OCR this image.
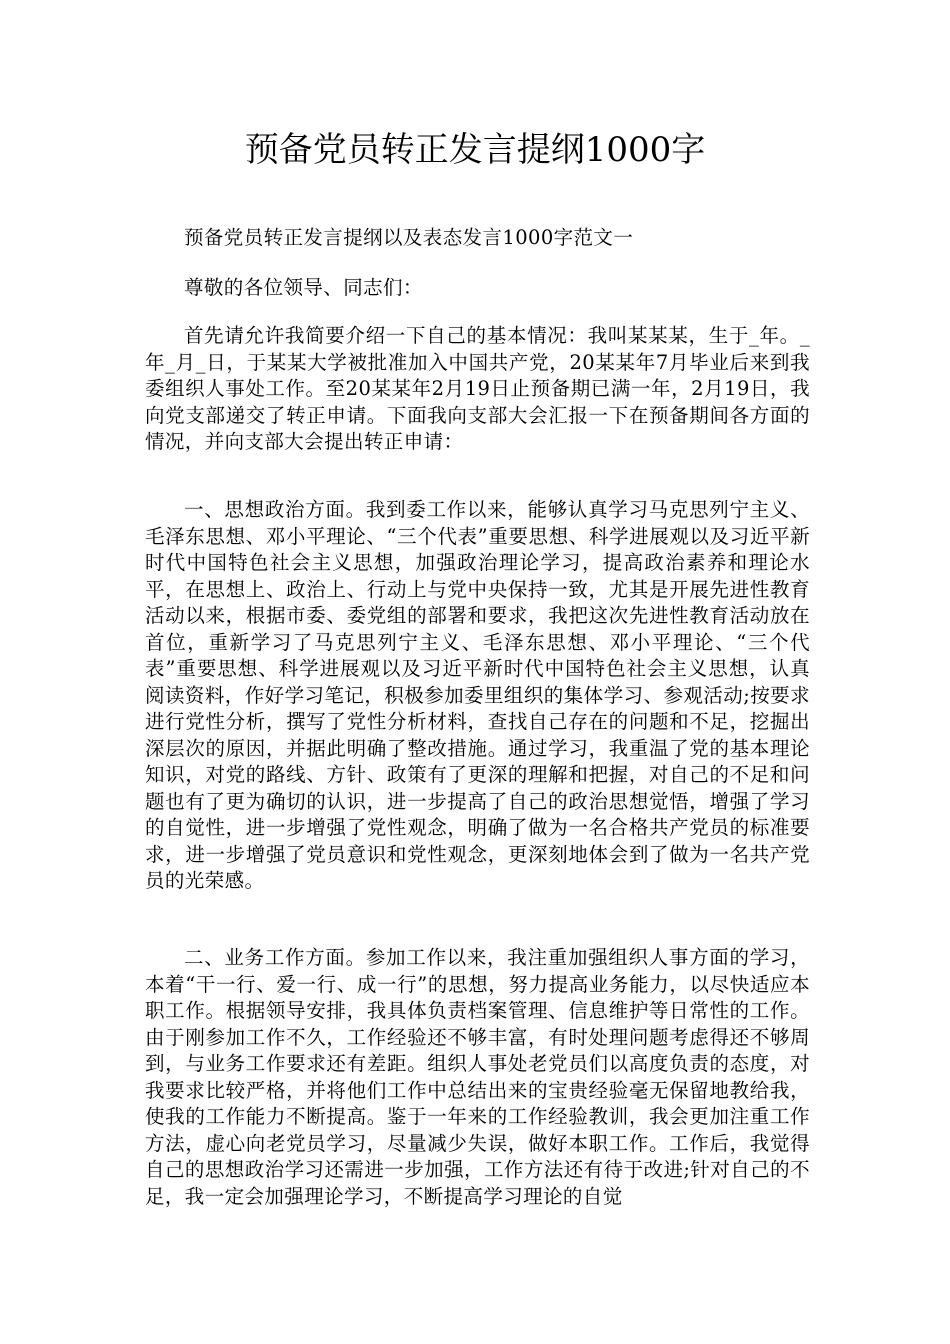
预备党员转正发言提纲1000字

预备党员转正发言提纲以及表态发言1000字范文一

尊敬的各位领导、同志们：

首先请允许我简要介绍一下自己的基本情况：我叫某某某，生于_年。_年_月_日，于某某大学被批准加入中国共产党，20某某年7月毕业后来到我委组织人事处工作。至20某某年2月19日止预备期已满一年，2月19日，我向党支部递交了转正申请。下面我向支部大会汇报一下在预备期间各方面的情况，并向支部大会提出转正申请：

一、思想政治方面。我到委工作以来，能够认真学习马克思列宁主义、毛泽东思想、邓小平理论、“三个代表”重要思想、科学进展观以及习近平新时代中国特色社会主义思想，加强政治理论学习，提高政治素养和理论水平，在思想上、政治上、行动上与党中央保持一致，尤其是开展先进性教育活动以来，根据市委、委党组的部署和要求，我把这次先进性教育活动放在首位，重新学习了马克思列宁主义、毛泽东思想、邓小平理论、“三个代表”重要思想、科学进展观以及习近平新时代中国特色社会主义思想，认真阅读资料，作好学习笔记，积极参加委里组织的集体学习、参观活动;按要求进行党性分析，撰写了党性分析材料，查找自己存在的问题和不足，挖掘出深层次的原因，并据此明确了整改措施。通过学习，我重温了党的基本理论知识，对党的路线、方针、政策有了更深的理解和把握，对自己的不足和问题也有了更为确切的认识，进一步提高了自己的政治思想觉悟，增强了学习的自觉性，进一步增强了党性观念，明确了做为一名合格共产党员的标准要求，进一步增强了党员意识和党性观念，更深刻地体会到了做为一名共产党员的光荣感。

二、业务工作方面。参加工作以来，我注重加强组织人事方面的学习，本着“干一行、爱一行、成一行”的思想，努力提高业务能力，以尽快适应本职工作。根据领导安排，我具体负责档案管理、信息维护等日常性的工作。由于刚参加工作不久，工作经验还不够丰富，有时处理问题考虑得还不够周到，与业务工作要求还有差距。组织人事处老党员们以高度负责的态度，对我要求比较严格，并将他们工作中总结出来的宝贵经验毫无保留地教给我，使我的工作能力不断提高。鉴于一年来的工作经验教训，我会更加注重工作方法，虚心向老党员学习，尽量减少失误，做好本职工作。工作后，我觉得自己的思想政治学习还需进一步加强，工作方法还有待于改进;针对自己的不足，我一定会加强理论学习，不断提高学习理论的自觉
